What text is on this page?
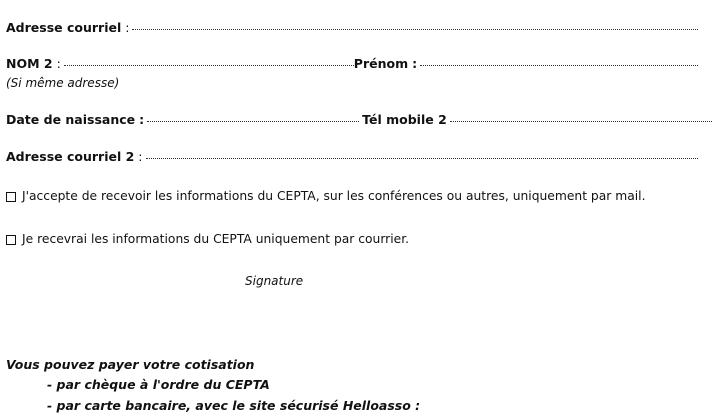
Adresse courriel :
NOM 2 :	Prénom :
(Si même adresse)
Date de naissance :	Tél mobile 2
Adresse courriel 2 :
J'accepte de recevoir les informations du CEPTA, sur les conférences ou autres, uniquement par mail.
Je recevrai les informations du CEPTA uniquement par courrier.
Signature
Vous pouvez payer votre cotisation
- par chèque à l'ordre du CEPTA
- par carte bancaire, avec le site sécurisé Helloasso :
